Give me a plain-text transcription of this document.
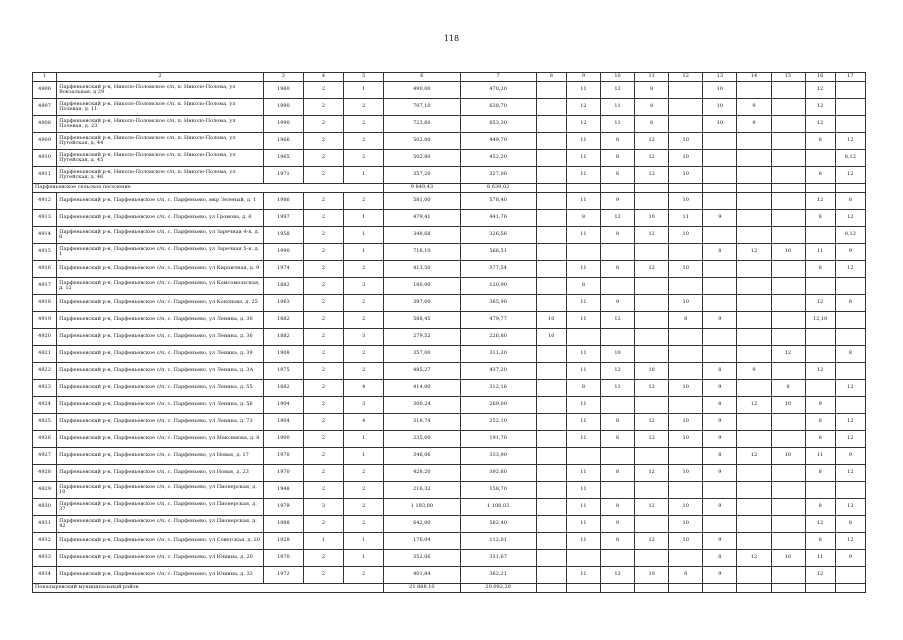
118
1	2	3	4	5	6	7	8	9	10	11	12	13	14	15	16	17
4906	Парфеньевский р-н, Николо-Поломское с/п, п. Николо-Полома, ул Вокзальная, д 29	1960	2	1	490,00	470,20		11	12	8		10			12	
4907	Парфеньевский р-н, Николо-Поломское с/п, п. Николо-Полома, ул Полевая, д. 11	1990	2	2	707,10	638,70		12	11	8		10	9		12	
4908	Парфеньевский р-н, Николо-Поломское с/п, п. Николо-Полома, ул Полевая, д. 23	1990	2	2	723,60	653,30		12	11	8		10	9		12	
4909	Парфеньевский р-н, Николо-Поломское с/п, п. Николо-Полома, ул Путейская, д. 44	1966	2	2	502,00	449,70		11	8	12	10				8	12
4910	Парфеньевский р-н, Николо-Поломское с/п, п. Николо-Полома, ул Путейская, д. 45	1965	2	2	502,80	452,20		11	8	12	10					8,12
4911	Парфеньевский р-н, Николо-Поломское с/п, п. Николо-Полома, ул Путейская, д. 46	1971	2	1	357,20	327,00		11	8	12	10				8	12
Парфеньевское сельское поселение					9 849,43	8 639,02										
4912	Парфеньевский р-н, Парфеньевское с/п, с. Парфеньево, мкр Зеленый, д. 1	1986	2	2	581,00	578,40		11	9		10				12	8
4913	Парфеньевский р-н, Парфеньевское с/п, с. Парфеньево, ул Громова, д. 6	1997	2	1	479,41	441,76		8	12	10	11	9			8	12
4914	Парфеньевский р-н, Парфеньевское с/п, с. Парфеньево, ул Заречная 4-я, д. 6	1958	2	1	348,68	326,56		11	8	12	10					8,12
4915	Парфеньевский р-н, Парфеньевское с/п, с. Парфеньево, ул Заречная 5-я, д. 1	1990	2	1	716,10	566,51						8	12	10	11	9
4916	Парфеньевский р-н, Парфеньевское с/п, с. Парфеньево, ул Кирпичная, д. 9	1974	2	2	413,50	377,54		11	8	12	10				8	12
4917	Парфеньевский р-н, Парфеньевское с/п, с. Парфеньево, ул Комсомольская, д. 12	1882	2	3	180,00	120,90		8								
4918	Парфеньевский р-н, Парфеньевское с/п, с. Парфеньево, ул Кононова, д. 25	1963	2	2	397,00	365,90		11	9		10				12	8
4919	Парфеньевский р-н, Парфеньевское с/п, с. Парфеньево, ул Ленина, д. 30	1882	2	2	588,45	479,77	10	11	12		8	9			12,10	
4920	Парфеньевский р-н, Парфеньевское с/п, с. Парфеньево, ул Ленина, д. 36	1882	2	3	279,52	226,80	10									
4921	Парфеньевский р-н, Парфеньевское с/п, с. Парфеньево, ул Ленина, д. 39	1908	2	2	357,00	311,20		11	10					12		8
4922	Парфеньевский р-н, Парфеньевское с/п, с. Парфеньево, ул Ленина, д. 3А	1975	2	2	485,27	437,20		11	12	10		8	9		12	
4923	Парфеньевский р-н, Парфеньевское с/п, с. Парфеньево, ул Ленина, д. 55	1882	2	4	414,00	312,16		8	11	12	10	9		8		12
4924	Парфеньевский р-н, Парфеньевское с/п, с. Парфеньево, ул Ленина, д. 56	1904	2	3	300,24	269,00		11				8	12	10	9	
4925	Парфеньевский р-н, Парфеньевское с/п, с. Парфеньево, ул Ленина, д. 73	1904	2	4	318,74	252,10		11	8	12	10	9			8	12
4926	Парфеньевский р-н, Парфеньевское с/п, с. Парфеньево, ул Максимова, д. 8	1900	2	1	235,00	191,70		11	8	12	10	9			8	12
4927	Парфеньевский р-н, Парфеньевское с/п, с. Парфеньево, ул Новая, д. 17	1970	2	1	346,06	333,90						8	12	10	11	9
4928	Парфеньевский р-н, Парфеньевское с/п, с. Парфеньево, ул Новая, д. 23	1970	2	2	428,20	392,60		11	8	12	10	9			8	12
4929	Парфеньевский р-н, Парфеньевское с/п, с. Парфеньево, ул Пионерская, д. 10	1948	2	2	216,32	158,70		11								
4930	Парфеньевский р-н, Парфеньевское с/п, с. Парфеньево, ул Пионерская, д. 37	1979	3	2	1 193,00	1 108,03		11	8	12	10	9			8	12
4931	Парфеньевский р-н, Парфеньевское с/п, с. Парфеньево, ул Пионерская, д. 42	1988	2	2	642,00	582,40		11	9		10				12	8
4932	Парфеньевский р-н, Парфеньевское с/п, с. Парфеньево, ул Советская, д. 20	1928	1	1	176,04	112,01		11	8	12	10	9			8	12
4933	Парфеньевский р-н, Парфеньевское с/п, с. Парфеньево, ул Юшина, д. 20	1970	2	1	352,06	331,67						8	12	10	11	9
4934	Парфеньевский р-н, Парфеньевское с/п, с. Парфеньево, ул Юшина, д. 32	1972	2	2	401,84	362,21		11	12	10	8	9			12	
Поназыревский муниципальный район					21 888,10	20 092,20										
